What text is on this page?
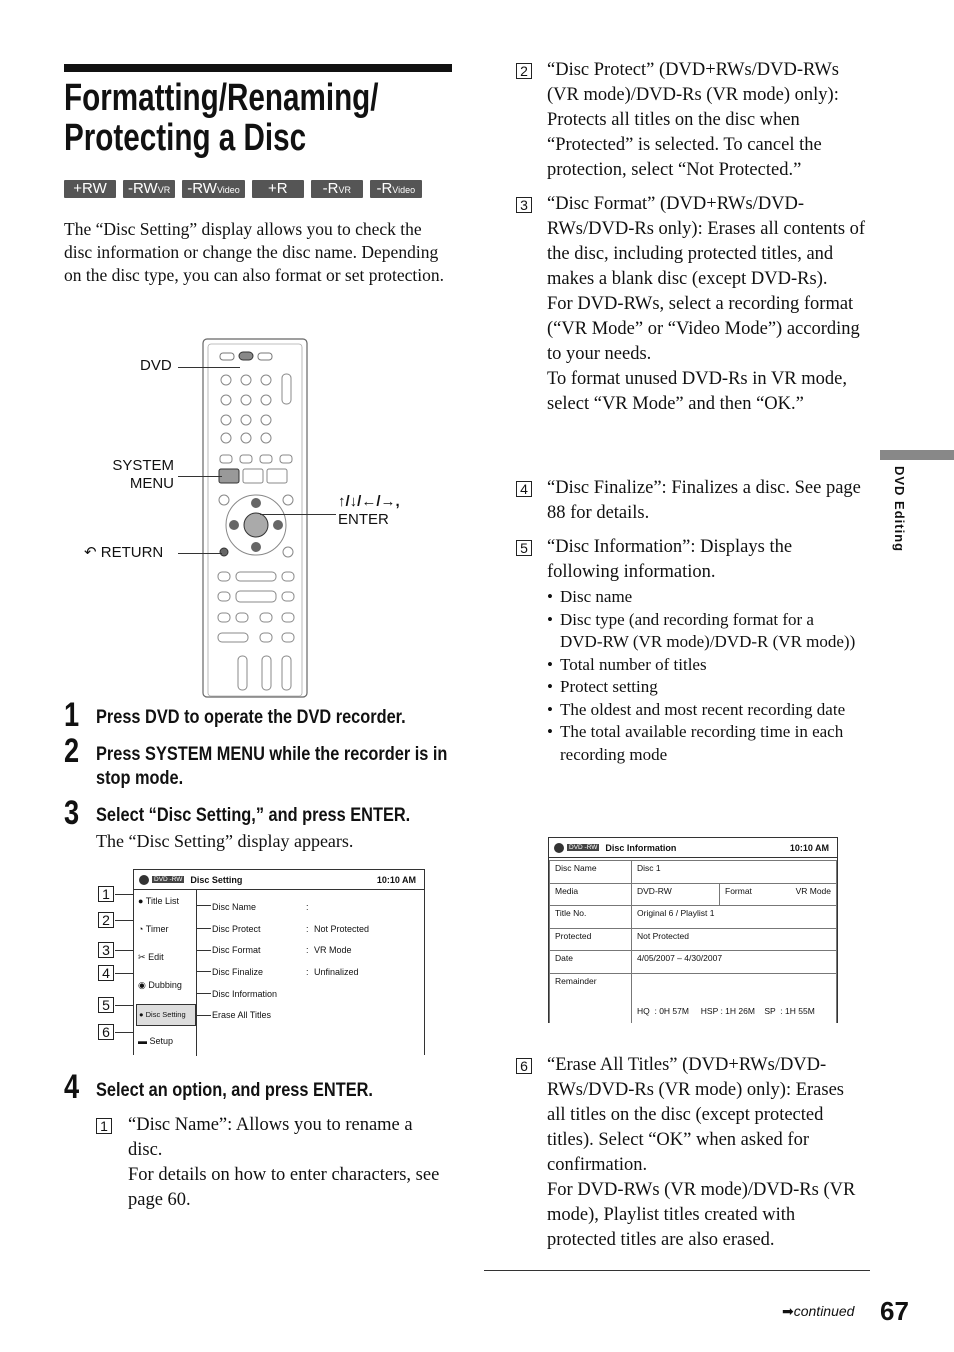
Formatting/Renaming/
Protecting a Disc
+RW	-RWVR	-RWVideo	+R	-RVR	-RVideo
The “Disc Setting” display allows you to check the disc information or change the disc name. Depending on the disc type, you can also format or set protection.
DVD
SYSTEM
MENU
↶ RETURN
↑/↓/←/→,
ENTER
1 Press DVD to operate the DVD recorder.
2 Press SYSTEM MENU while the recorder is in stop mode.
3 Select “Disc Setting,” and press ENTER.
The “Disc Setting” display appears.
DVD -RW Disc Setting	10:10 AM
● Title List
◔ Timer
✂ Edit
◉ Dubbing
● Disc Setting
▬ Setup
Disc Name	:
Disc Protect	: Not Protected
Disc Format	: VR Mode
Disc Finalize	: Unfinalized
Disc Information
Erase All Titles
1
2
3
4
5
6
4 Select an option, and press ENTER.
1 “Disc Name”: Allows you to rename a disc.
For details on how to enter characters, see page 60.
2 “Disc Protect” (DVD+RWs/DVD-RWs (VR mode)/DVD-Rs (VR mode) only): Protects all titles on the disc when “Protected” is selected. To cancel the protection, select “Not Protected.”
3 “Disc Format” (DVD+RWs/DVD-RWs/DVD-Rs only): Erases all contents of the disc, including protected titles, and makes a blank disc (except DVD-Rs).
For DVD-RWs, select a recording format (“VR Mode” or “Video Mode”) according to your needs.
To format unused DVD-Rs in VR mode, select “VR Mode” and then “OK.”
4 “Disc Finalize”: Finalizes a disc. See page 88 for details.
5 “Disc Information”: Displays the following information.
• Disc name
• Disc type (and recording format for a DVD-RW (VR mode)/DVD-R (VR mode))
• Total number of titles
• Protect setting
• The oldest and most recent recording date
• The total available recording time in each recording mode
DVD -RW Disc Information	10:10 AM
Disc Name	Disc 1		
Media	DVD-RW	Format	VR Mode
Title No.	Original 6 / Playlist 1		
Protected	Not Protected		
Date	4/05/2007 – 4/30/2007		
Remainder	HQ  : 0H 57M     HSP : 1H 26M    SP  : 1H 55M		

6 “Erase All Titles” (DVD+RWs/DVD-RWs/DVD-Rs (VR mode) only): Erases all titles on the disc (except protected titles). Select “OK” when asked for confirmation.
For DVD-RWs (VR mode)/DVD-Rs (VR mode), Playlist titles created with protected titles are also erased.
DVD Editing
➡continued 67
